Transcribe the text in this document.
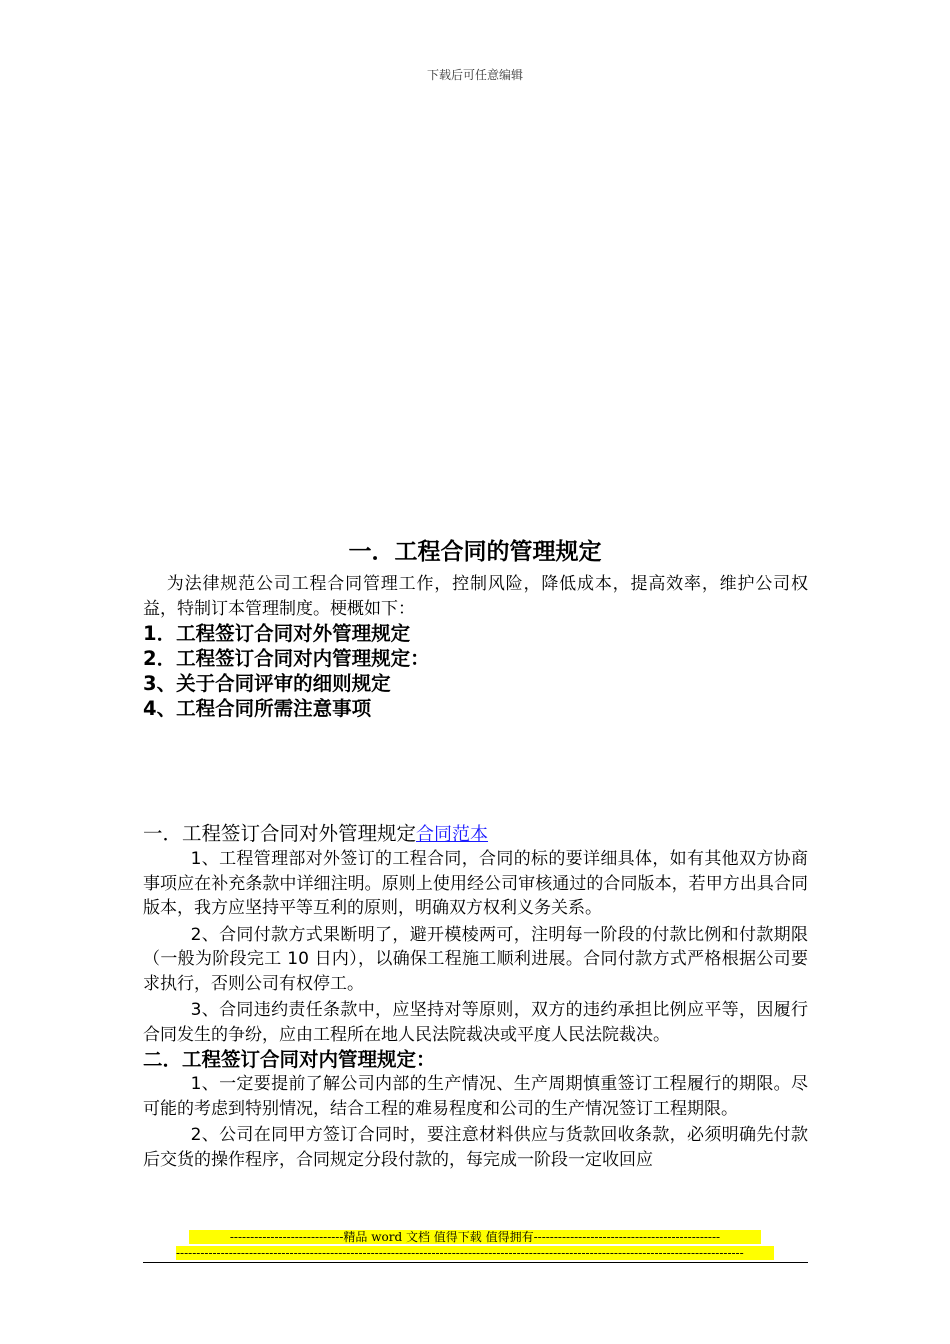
下载后可任意编辑
一．工程合同的管理规定

为法律规范公司工程合同管理工作，控制风险，降低成本，提高效率，维护公司权益，特制订本管理制度。梗概如下：

1．工程签订合同对外管理规定

2．工程签订合同对内管理规定：

3、关于合同评审的细则规定

4、工程合同所需注意事项

一．工程签订合同对外管理规定合同范本

1、工程管理部对外签订的工程合同，合同的标的要详细具体，如有其他双方协商事项应在补充条款中详细注明。原则上使用经公司审核通过的合同版本，若甲方出具合同版本，我方应坚持平等互利的原则，明确双方权利义务关系。

2、合同付款方式果断明了，避开模棱两可，注明每一阶段的付款比例和付款期限（一般为阶段完工 10 日内），以确保工程施工顺利进展。合同付款方式严格根据公司要求执行，否则公司有权停工。

3、合同违约责任条款中，应坚持对等原则，双方的违约承担比例应平等，因履行合同发生的争纷，应由工程所在地人民法院裁决或平度人民法院裁决。

二．工程签订合同对内管理规定：

1、一定要提前了解公司内部的生产情况、生产周期慎重签订工程履行的期限。尽可能的考虑到特别情况，结合工程的难易程度和公司的生产情况签订工程期限。

2、公司在同甲方签订合同时，要注意材料供应与货款回收条款，必须明确先付款后交货的操作程序，合同规定分段付款的，每完成一阶段一定收回应

----------------------------精品 word 文档 值得下载 值得拥有----------------------------------------------
--------------------------------------------------------------------------------------------------------------------------------------------
